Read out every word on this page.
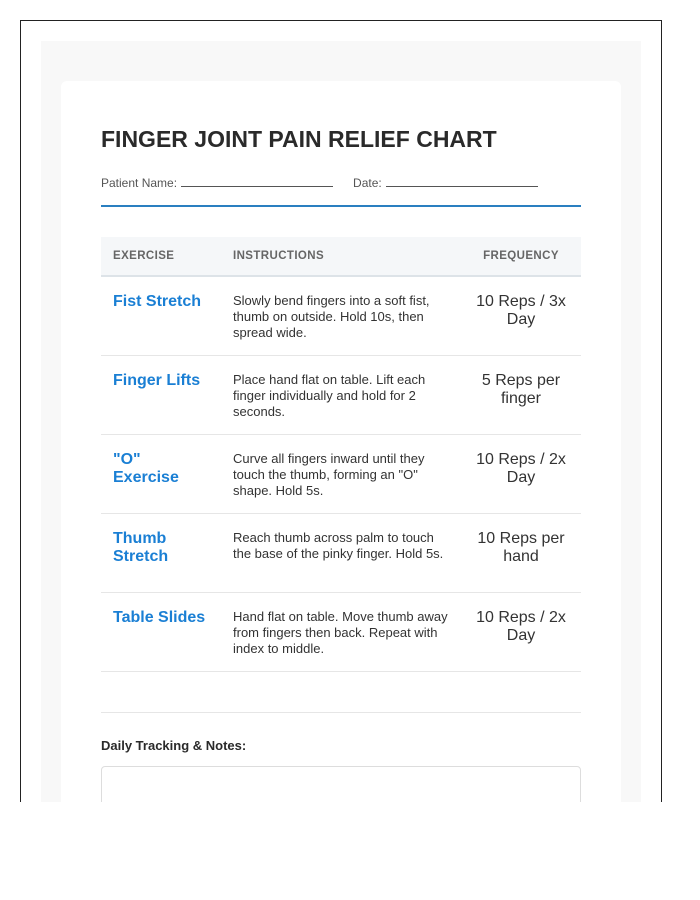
FINGER JOINT PAIN RELIEF CHART
Patient Name:	Date:
EXERCISE	INSTRUCTIONS	FREQUENCY
Fist Stretch	Slowly bend fingers into a soft fist, thumb on outside. Hold 10s, then spread wide.	10 Reps / 3x Day
Finger Lifts	Place hand flat on table. Lift each finger individually and hold for 2 seconds.	5 Reps per finger
"O" Exercise	Curve all fingers inward until they touch the thumb, forming an "O" shape. Hold 5s.	10 Reps / 2x Day
Thumb Stretch	Reach thumb across palm to touch the base of the pinky finger. Hold 5s.	10 Reps per hand
Table Slides	Hand flat on table. Move thumb away from fingers then back. Repeat with index to middle.	10 Reps / 2x Day
Daily Tracking & Notes:
